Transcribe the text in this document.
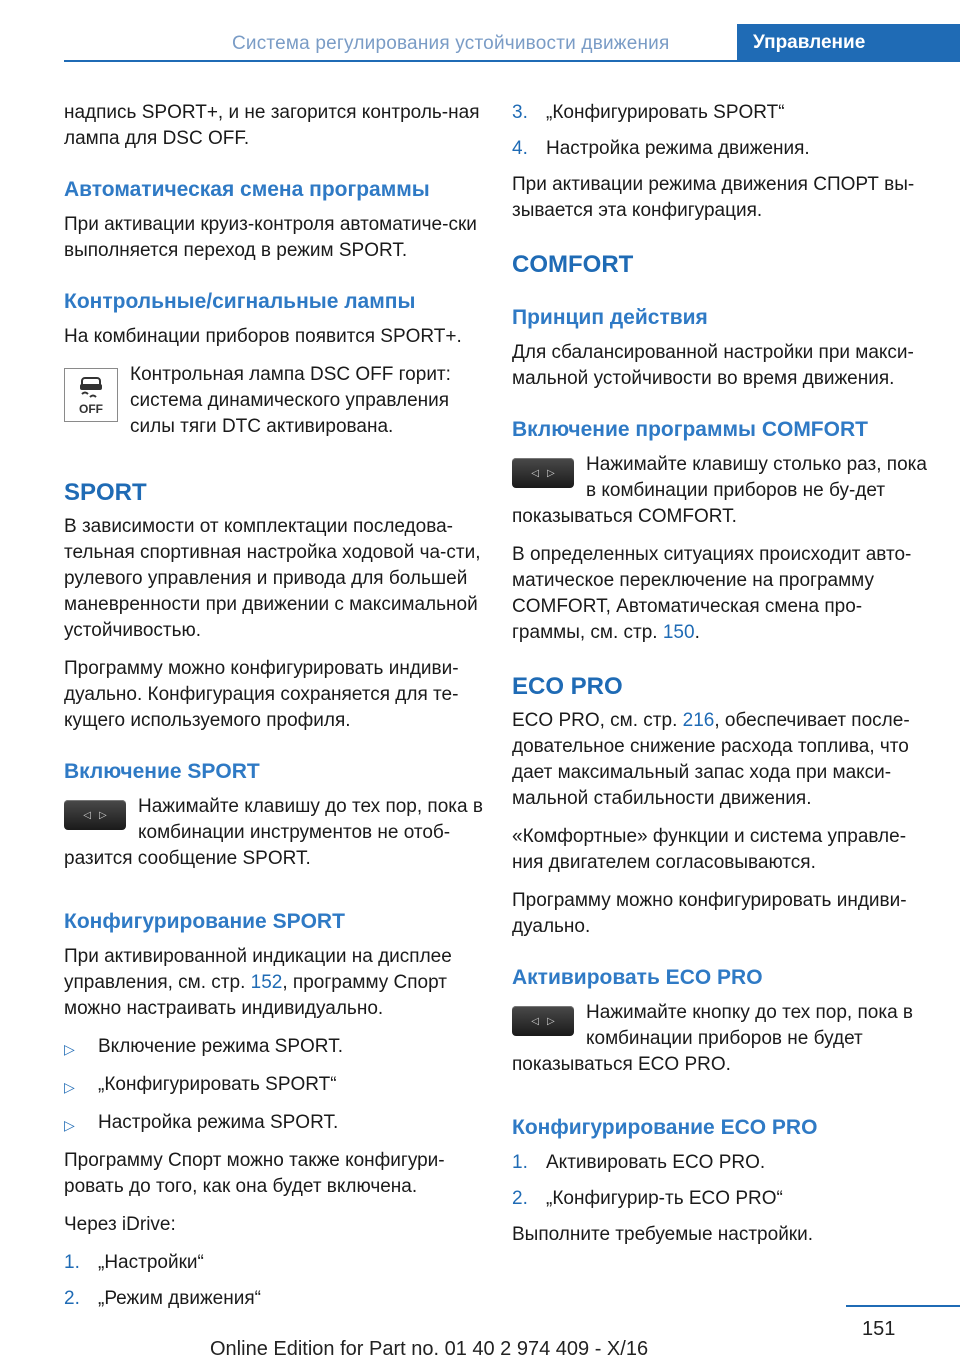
Система регулирования устойчивости движения	Управление

надпись SPORT+, и не загорится контроль-ная лампа для DSC OFF.

Автоматическая смена программы

При активации круиз-контроля автоматиче-ски выполняется переход в режим SPORT.

Контрольные/сигнальные лампы

На комбинации приборов появится SPORT+.

OFF

Контрольная лампа DSC OFF горит: система динамического управления силы тяги DTC активирована.

SPORT

В зависимости от комплектации последова-тельная спортивная настройка ходовой ча-сти, рулевого управления и привода для большей маневренности при движении с максимальной устойчивостью.

Программу можно конфигурировать индиви-дуально. Конфигурация сохраняется для те-кущего используемого профиля.

Включение SPORT
◁ ▷	Нажимайте клавишу до тех пор, пока в комбинации инструментов не отоб-разится сообщение SPORT.

Конфигурирование SPORT

При активированной индикации на дисплее управления, см. стр. 152, программу Спорт можно настраивать индивидуально.

▷	Включение режима SPORT.
▷	„Конфигурировать SPORT“
▷	Настройка режима SPORT.

Программу Спорт можно также конфигури-ровать до того, как она будет включена.

Через iDrive:

1. „Настройки“
2. „Режим движения“
3. „Конфигурировать SPORT“
4. Настройка режима движения.

При активации режима движения СПОРТ вы-зывается эта конфигурация.

COMFORT
Принцип действия

Для сбалансированной настройки при макси-мальной устойчивости во время движения.

Включение программы COMFORT
◁ ▷	Нажимайте клавишу столько раз, пока в комбинации приборов не бу-дет показываться COMFORT.

В определенных ситуациях происходит авто-матическое переключение на программу COMFORT, Автоматическая смена про-граммы, см. стр. 150.

ECO PRO

ECO PRO, см. стр. 216, обеспечивает после-довательное снижение расхода топлива, что дает максимальный запас хода при макси-мальной стабильности движения.

«Комфортные» функции и система управле-ния двигателем согласовываются.

Программу можно конфигурировать индиви-дуально.

Активировать ECO PRO
◁ ▷	Нажимайте кнопку до тех пор, пока в комбинации приборов не будет показываться ECO PRO.

Конфигурирование ECO PRO
1. Активировать ECO PRO.
2. „Конфигурир-ть ECO PRO“

Выполните требуемые настройки.

151
Online Edition for Part no. 01 40 2 974 409 - X/16
